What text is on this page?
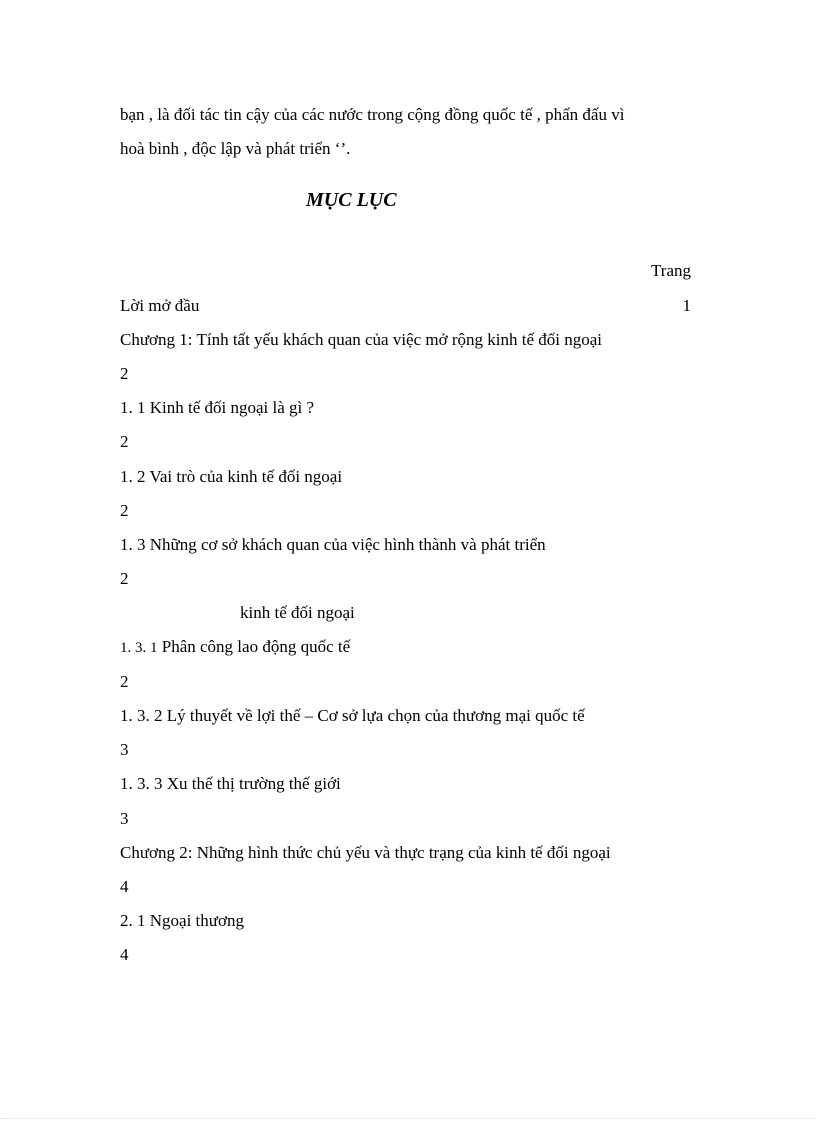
bạn , là đối tác tin cậy của các nước trong cộng đồng quốc tế , phấn đấu vì
hoà bình , độc lập và phát triển ‘’.
MỤC LỤC
Trang
Lời mở đầu	1
Chương 1: Tính tất yếu khách quan của việc mở rộng kinh tế đối ngoại
2
1. 1 Kinh tế đối ngoại là gì ?
2
1. 2 Vai trò của kinh tế đối ngoại
2
1. 3 Những cơ sở khách quan của việc hình thành và phát triển
2
kinh tế đối ngoại
1. 3. 1 Phân công lao động quốc tế
2
1. 3. 2 Lý thuyết về lợi thế – Cơ sở lựa chọn của thương mại quốc tế
3
1. 3. 3 Xu thế thị trường thế giới
3
Chương 2: Những hình thức chủ yếu và thực trạng của kinh tế đối ngoại
4
2. 1 Ngoại thương
4
